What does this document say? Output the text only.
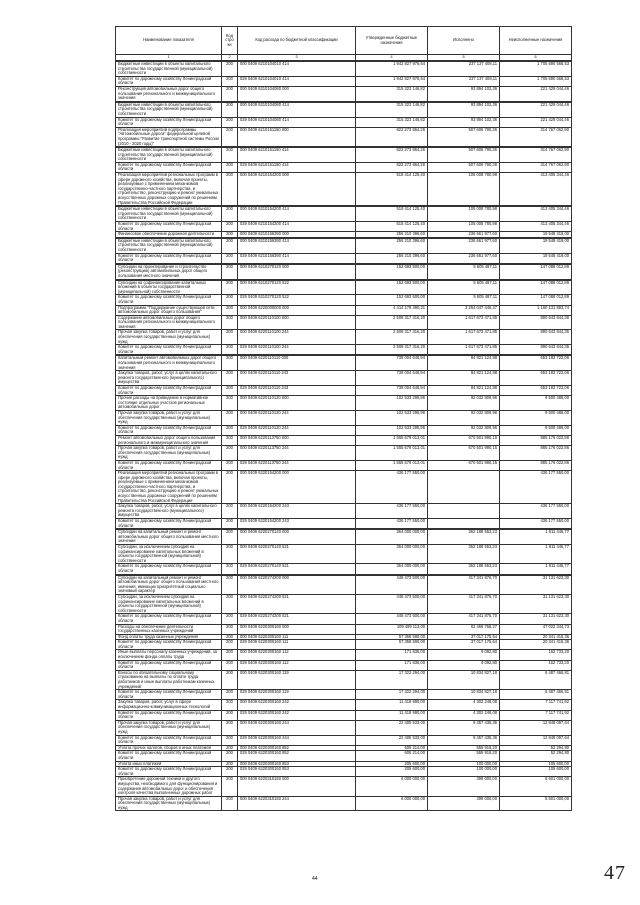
Наименование показателя	Код стро ки	Код расхода по бюджетной классификации	Утвержденные бюджетные назначения	Исполнено	Неисполненные назначения
1	2	3	4	5	6

Бюджетные инвестиции в объекты капитального строительства государственной (муниципальной) собственности	200	000 0409 6210104010 414	1 942 827 976,64	237 137 408,11	1 705 690 568,53
Комитет по дорожному хозяйству Ленинградской области	200	029 0409 6210104010 414	1 942 827 976,64	237 137 408,11	1 705 690 568,53
Реконструкция автомобильных дорог общего пользования регионального и межмуниципального значения	200	000 0409 6210104080 000	315 323 146,82	93 894 102,36	221 429 044,46

Бюджетные инвестиции в объекты капитального строительства государственной (муниципальной) собственности	200	000 0409 6210104080 414	315 323 146,82	93 894 102,36	221 429 044,46
Комитет по дорожному хозяйству Ленинградской области	200	029 0409 6210104080 414	315 323 146,82	93 894 102,36	221 429 044,46
Реализация мероприятий подпрограммы "Автомобильные дороги" федеральной целевой программы "Развитие транспортной системы России (2010 - 2020 годы)"	200	000 0409 6210151150 000	822 273 864,26	507 606 790,36	314 767 062,90

Бюджетные инвестиции в объекты капитального строительства государственной (муниципальной) собственности	200	000 0409 6210151150 414	822 273 864,26	507 606 790,36	314 767 062,90
Комитет по дорожному хозяйству Ленинградской области	200	029 0409 6210151150 414	822 273 864,26	507 606 790,36	314 767 062,90
Реализация мероприятий региональных программ в сфере дорожного хозяйства, включая проекты, реализуемые с применением механизмов государственно-частного партнерства, и строительство, реконструкцию и ремонт уникальных искусственных дорожных сооружений по решениям Правительства Российской Федерации	200	000 0409 6210154200 000	518 414 125,40	105 008 780,98	413 405 344,46

Бюджетные инвестиции в объекты капитального строительства государственной (муниципальной) собственности	200	000 0409 6210154200 414	518 414 125,40	105 008 780,98	413 405 344,46
Комитет по дорожному хозяйству Ленинградской области	200	029 0409 6210154200 414	518 414 125,40	105 008 780,98	413 405 344,46
Финансовое обеспечение дорожной деятельности	200	000 0409 6210156390 000	256 210 396,60	236 661 977,60	19 548 419,00

Бюджетные инвестиции в объекты капитального строительства государственной (муниципальной) собственности	200	000 0409 6210156390 414	256 210 396,60	236 661 977,60	19 548 419,00
Комитет по дорожному хозяйству Ленинградской области	200	029 0409 6210156390 414	256 210 396,60	236 661 977,60	19 548 419,00

Субсидии на проектирование и строительство (реконструкцию) автомобильных дорог общего пользования местного значения	200	000 0409 6210270120 000	152 693 500,00	5 605 487,11	147 088 012,89

Субсидии на софинансирование капитальных вложений в объекты государственной (муниципальной) собственности	200	000 0409 6210270120 522	152 693 500,00	5 605 487,11	147 088 012,89
Комитет по дорожному хозяйству Ленинградской области	200	029 0409 6210270120 522	152 693 500,00	5 605 487,11	147 088 012,89
Подпрограмма "Поддержание существующей сети автомобильных дорог общего пользования"	200	000 0409 6220000000 000	4 414 179 390,21	3 254 047 446,47	1 160 131 893,74
Содержание автомобильных дорог общего пользования регионального и межмуниципального значения	200	000 0409 6220110100 000	2 508 317 316,20	1 617 673 471,85	890 643 844,35
Прочая закупка товаров, работ и услуг для обеспечения государственных (муниципальных) нужд	200	000 0409 6220110100 244	2 508 317 316,20	1 617 673 471,85	890 643 844,35
Комитет по дорожному хозяйству Ленинградской области	200	029 0409 6220110100 244	2 508 317 316,20	1 617 673 471,85	890 643 844,35

Капитальный ремонт автомобильных дорог общего пользования регионального и межмуниципального значения	200	000 0409 6220110110 000	738 004 646,94	84 821 124,88	653 183 722,06
Закупка товаров, работ, услуг в целях капитального ремонта государственного (муниципального) имущества	200	000 0409 6220110110 243	738 004 646,94	84 821 124,88	653 183 722,06
Комитет по дорожному хозяйству Ленинградской области	200	029 0409 6220110110 243	738 004 646,94	84 821 124,88	653 183 722,06
Прочие расходы на приведение в нормативное состояние отдельных участков региональных автомобильных дорог	200	000 0409 6220110120 000	102 533 295,96	92 032 809,96	9 500 486,00
Прочая закупка товаров, работ и услуг для обеспечения государственных (муниципальных) нужд	200	000 0409 6220110120 244	102 533 295,96	92 032 809,96	9 500 486,00
Комитет по дорожному хозяйству Ленинградской области	200	029 0409 6220110120 244	102 533 295,96	92 032 809,96	9 500 486,00
Ремонт автомобильных дорог общего пользования регионального и межмуниципального значения	200	000 0409 6220113750 000	1 555 679 013,01	670 501 990,15	885 176 022,86
Прочая закупка товаров, работ и услуг для обеспечения государственных (муниципальных) нужд	200	000 0409 6220113750 244	1 555 679 013,01	670 501 990,15	885 176 022,86
Комитет по дорожному хозяйству Ленинградской области	200	029 0409 6220113750 244	1 555 679 013,01	670 501 990,15	885 176 022,86
Реализация мероприятий региональных программ в сфере дорожного хозяйства, включая проекты, реализуемые с применением механизмов государственно-частного партнерства, и строительство, реконструкцию и ремонт уникальных искусственных дорожных сооружений по решениям Правительства Российской Федерации	200	000 0409 6220154200 000	436 177 550,00		436 177 550,00
Закупка товаров, работ, услуг в целях капитального ремонта государственного (муниципального) имущества	200	000 0409 6220154200 243	436 177 550,00		436 177 550,00
Комитет по дорожному хозяйству Ленинградской области	200	029 0409 6220154200 243	436 177 550,00		436 177 550,00

Субсидии на капитальный ремонт и ремонт автомобильных дорог общего пользования местного значения	200	000 0409 6220270140 000	364 000 000,00	362 188 553,23	1 811 446,77
Субсидии, за исключением субсидий на софинансирование капитальных вложений в объекты государственной (муниципальной) собственности	200	000 0409 6220270140 521	364 000 000,00	362 188 553,23	1 811 446,77
Комитет по дорожному хозяйству Ленинградской области	200	029 0409 6220270140 521	364 000 000,00	362 188 553,23	1 811 446,77

Субсидии на капитальный ремонт и ремонт автомобильных дорог общего пользования местного значения, имеющих приоритетный социально значимый характер	200	000 0409 6220274200 000	448 473 500,00	417 341 876,70	31 131 623,30
Субсидии, за исключением субсидий на софинансирование капитальных вложений в объекты государственной (муниципальной) собственности	200	000 0409 6220274200 521	448 473 500,00	417 341 876,70	31 131 623,30
Комитет по дорожному хозяйству Ленинградской области	200	029 0409 6220274200 521	448 473 500,00	417 341 876,70	31 131 623,30
Расходы на обеспечение деятельности государственных казенных учреждений	200	000 0409 6220300160 000	109 489 113,00	62 466 768,27	47 022 344,73
Фонд оплаты труда казенных учреждений	200	000 0409 6220300160 111	57 358 590,00	37 017 175,64	20 341 415,36
Комитет по дорожному хозяйству Ленинградской области	200	029 0409 6220300160 111	57 358 590,00	37 017 175,64	20 341 415,36
Иные выплаты персоналу казенных учреждений, за исключением фонда оплаты труда	200	000 0409 6220300160 112	171 836,00	9 092,80	162 733,20
Комитет по дорожному хозяйству Ленинградской области	200	029 0409 6220300160 112	171 836,00	9 092,80	162 733,20
Взносы по обязательному социальному страхованию на выплаты по оплате труда работников и иные выплаты работникам казенных учреждений	200	000 0409 6220300160 119	17 322 294,00	10 834 827,18	6 487 466,81
Комитет по дорожному хозяйству Ленинградской области	200	029 0409 6220300160 119	17 322 294,00	10 834 827,18	6 487 466,81
Закупка товаров, работ, услуг в сфере информационно-коммуникационных технологий	200	000 0409 6220300160 242	11 419 990,00	4 302 248,08	7 117 741,92
Комитет по дорожному хозяйству Ленинградской области	200	029 0409 6220300160 242	11 419 990,00	4 302 248,08	7 117 741,92
Прочая закупка товаров, работ и услуг для обеспечения государственных (муниципальных) нужд	200	000 0409 6220300160 244	22 405 533,00	9 457 435,36	12 948 097,64
Комитет по дорожному хозяйству Ленинградской области	200	029 0409 6220300160 244	22 405 533,00	9 457 435,36	12 948 097,64
Уплата прочих налогов, сборов и иных платежей	200	000 0409 6220300160 852	605 214,00	555 919,20	52 294,80
Комитет по дорожному хозяйству Ленинградской области	200	029 0409 6220300160 852	605 214,00	555 919,20	52 294,80
Уплата иных платежей	200	000 0409 6220300160 853	205 600,00	100 000,00	105 600,00
Комитет по дорожному хозяйству Ленинградской области	200	029 0409 6220300160 853	205 600,00	100 000,00	105 600,00
Приобретение дорожной техники и другого имущества, необходимого для функционирования и содержания автомобильных дорог и обеспечения контроля качества выполненных дорожных работ	200	000 0409 6220310150 000	6 000 000,00	399 000,00	5 601 000,00
Прочая закупка товаров, работ и услуг для обеспечения государственных (муниципальных) нужд	200	000 0409 6220310150 244	6 000 000,00	399 000,00	5 601 000,00
44	47
